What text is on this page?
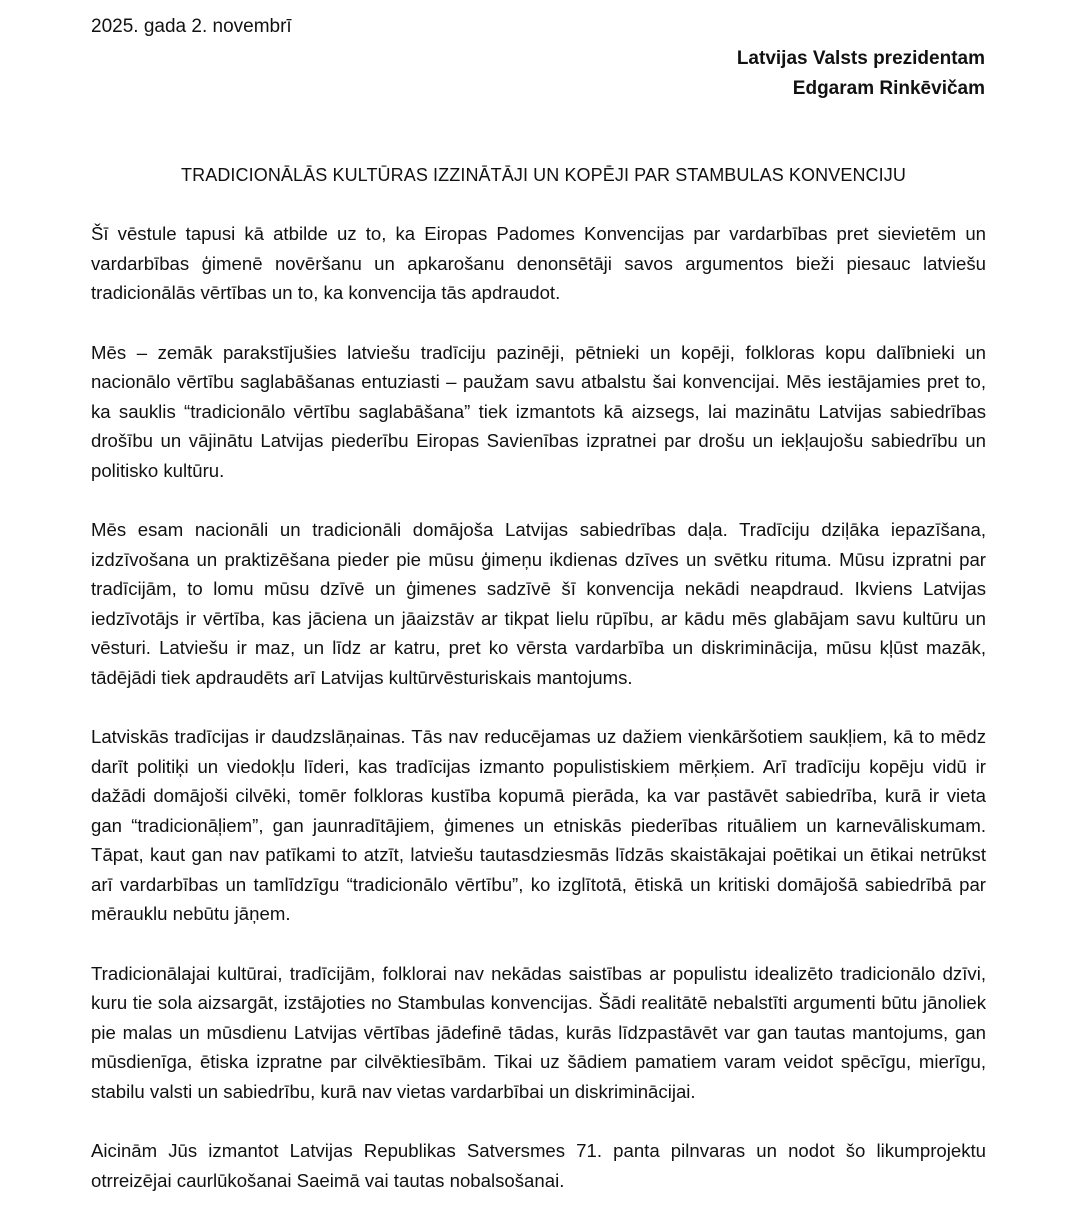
2025. gada 2. novembrī
Latvijas Valsts prezidentam
Edgaram Rinkēvičam
TRADICIONĀLĀS KULTŪRAS IZZINĀTĀJI UN KOPĒJI PAR STAMBULAS KONVENCIJU

Šī vēstule tapusi kā atbilde uz to, ka Eiropas Padomes Konvencijas par vardarbības pret sievietēm un vardarbības ģimenē novēršanu un apkarošanu denonsētāji savos argumentos bieži piesauc latviešu tradicionālās vērtības un to, ka konvencija tās apdraudot.

Mēs – zemāk parakstījušies latviešu tradīciju pazinēji, pētnieki un kopēji, folkloras kopu dalībnieki un nacionālo vērtību saglabāšanas entuziasti – paužam savu atbalstu šai konvencijai. Mēs iestājamies pret to, ka sauklis “tradicionālo vērtību saglabāšana” tiek izmantots kā aizsegs, lai mazinātu Latvijas sabiedrības drošību un vājinātu Latvijas piederību Eiropas Savienības izpratnei par drošu un iekļaujošu sabiedrību un politisko kultūru.

Mēs esam nacionāli un tradicionāli domājoša Latvijas sabiedrības daļa. Tradīciju dziļāka iepazīšana, izdzīvošana un praktizēšana pieder pie mūsu ģimeņu ikdienas dzīves un svētku rituma. Mūsu izpratni par tradīcijām, to lomu mūsu dzīvē un ģimenes sadzīvē šī konvencija nekādi neapdraud. Ikviens Latvijas iedzīvotājs ir vērtība, kas jāciena un jāaizstāv ar tikpat lielu rūpību, ar kādu mēs glabājam savu kultūru un vēsturi. Latviešu ir maz, un līdz ar katru, pret ko vērsta vardarbība un diskriminācija, mūsu kļūst mazāk, tādējādi tiek apdraudēts arī Latvijas kultūrvēsturiskais mantojums.

Latviskās tradīcijas ir daudzslāņainas. Tās nav reducējamas uz dažiem vienkāršotiem saukļiem, kā to mēdz darīt politiķi un viedokļu līderi, kas tradīcijas izmanto populistiskiem mērķiem. Arī tradīciju kopēju vidū ir dažādi domājoši cilvēki, tomēr folkloras kustība kopumā pierāda, ka var pastāvēt sabiedrība, kurā ir vieta gan “tradicionāļiem”, gan jaunradītājiem, ģimenes un etniskās piederības rituāliem un karnevāliskumam. Tāpat, kaut gan nav patīkami to atzīt, latviešu tautasdziesmās līdzās skaistākajai poētikai un ētikai netrūkst arī vardarbības un tamlīdzīgu “tradicionālo vērtību”, ko izglītotā, ētiskā un kritiski domājošā sabiedrībā par mērauklu nebūtu jāņem.

Tradicionālajai kultūrai, tradīcijām, folklorai nav nekādas saistības ar populistu idealizēto tradicionālo dzīvi, kuru tie sola aizsargāt, izstājoties no Stambulas konvencijas. Šādi realitātē nebalstīti argumenti būtu jānoliek pie malas un mūsdienu Latvijas vērtības jādefinē tādas, kurās līdzpastāvēt var gan tautas mantojums, gan mūsdienīga, ētiska izpratne par cilvēktiesībām. Tikai uz šādiem pamatiem varam veidot spēcīgu, mierīgu, stabilu valsti un sabiedrību, kurā nav vietas vardarbībai un diskriminācijai.

Aicinām Jūs izmantot Latvijas Republikas Satversmes 71. panta pilnvaras un nodot šo likumprojektu otrreizējai caurlūkošanai Saeimā vai tautas nobalsošanai.
